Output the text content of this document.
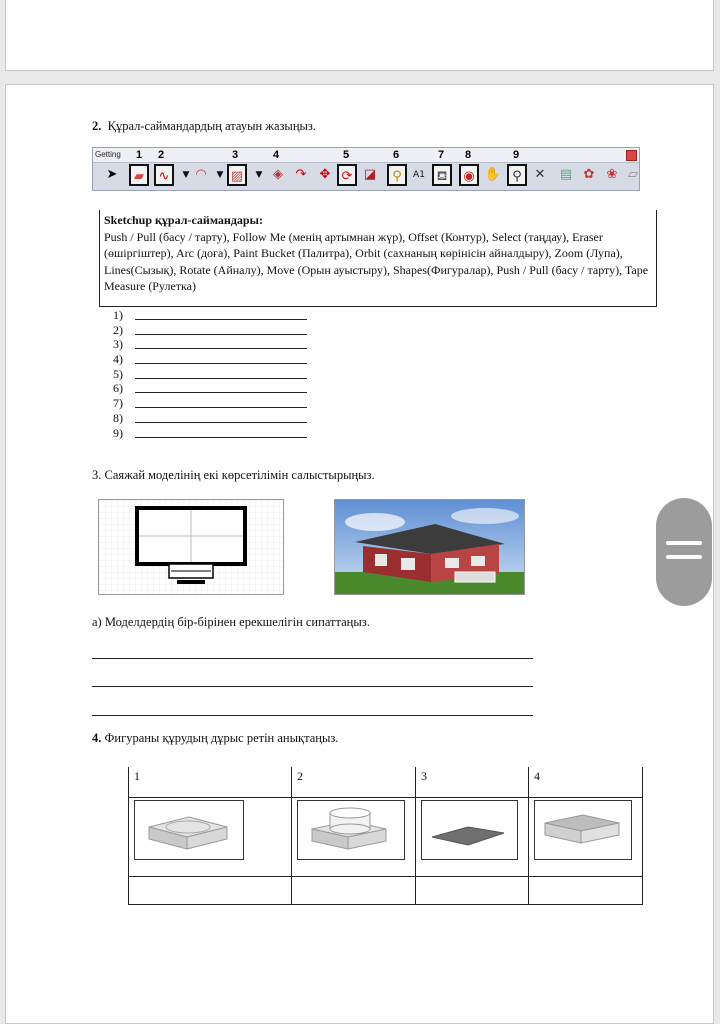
2. Құрал-саймандардың атауын жазыңыз.
Getting 1 2	3	4	5	6	7 8	9
➤	▰	∿	▼ ◠	▼ ▨	▼ ◈ ↷	✥ ⟳ ◪	⚲	A1 ⛾	◉ ✋ ⚲ ✕	▤ ✿ ❀ ▱
Sketchup құрал-саймандары:
Push / Pull (басу / тарту), Follow Me (менің артымнан жүр), Offset (Контур), Select (таңдау), Eraser (өшіргіштер), Arc (доға), Paint Bucket (Палитра), Orbit (сахнаның көрінісін айналдыру), Zoom (Лупа), Lines(Сызық), Rotate (Айналу), Move (Орын ауыстыру), Shapes(Фигуралар), Push / Pull (басу / тарту), Tape Measure (Рулетка)
1)
2)
3)
4)
5)
6)
7)
8)
9)
3. Саяжай моделінің екі көрсетілімін салыстырыңыз.
а) Моделдердің бір-бірінен ерекшелігін сипаттаңыз.
4. Фигураны құрудың дұрыс ретін анықтаңыз.
1	2	3	4
